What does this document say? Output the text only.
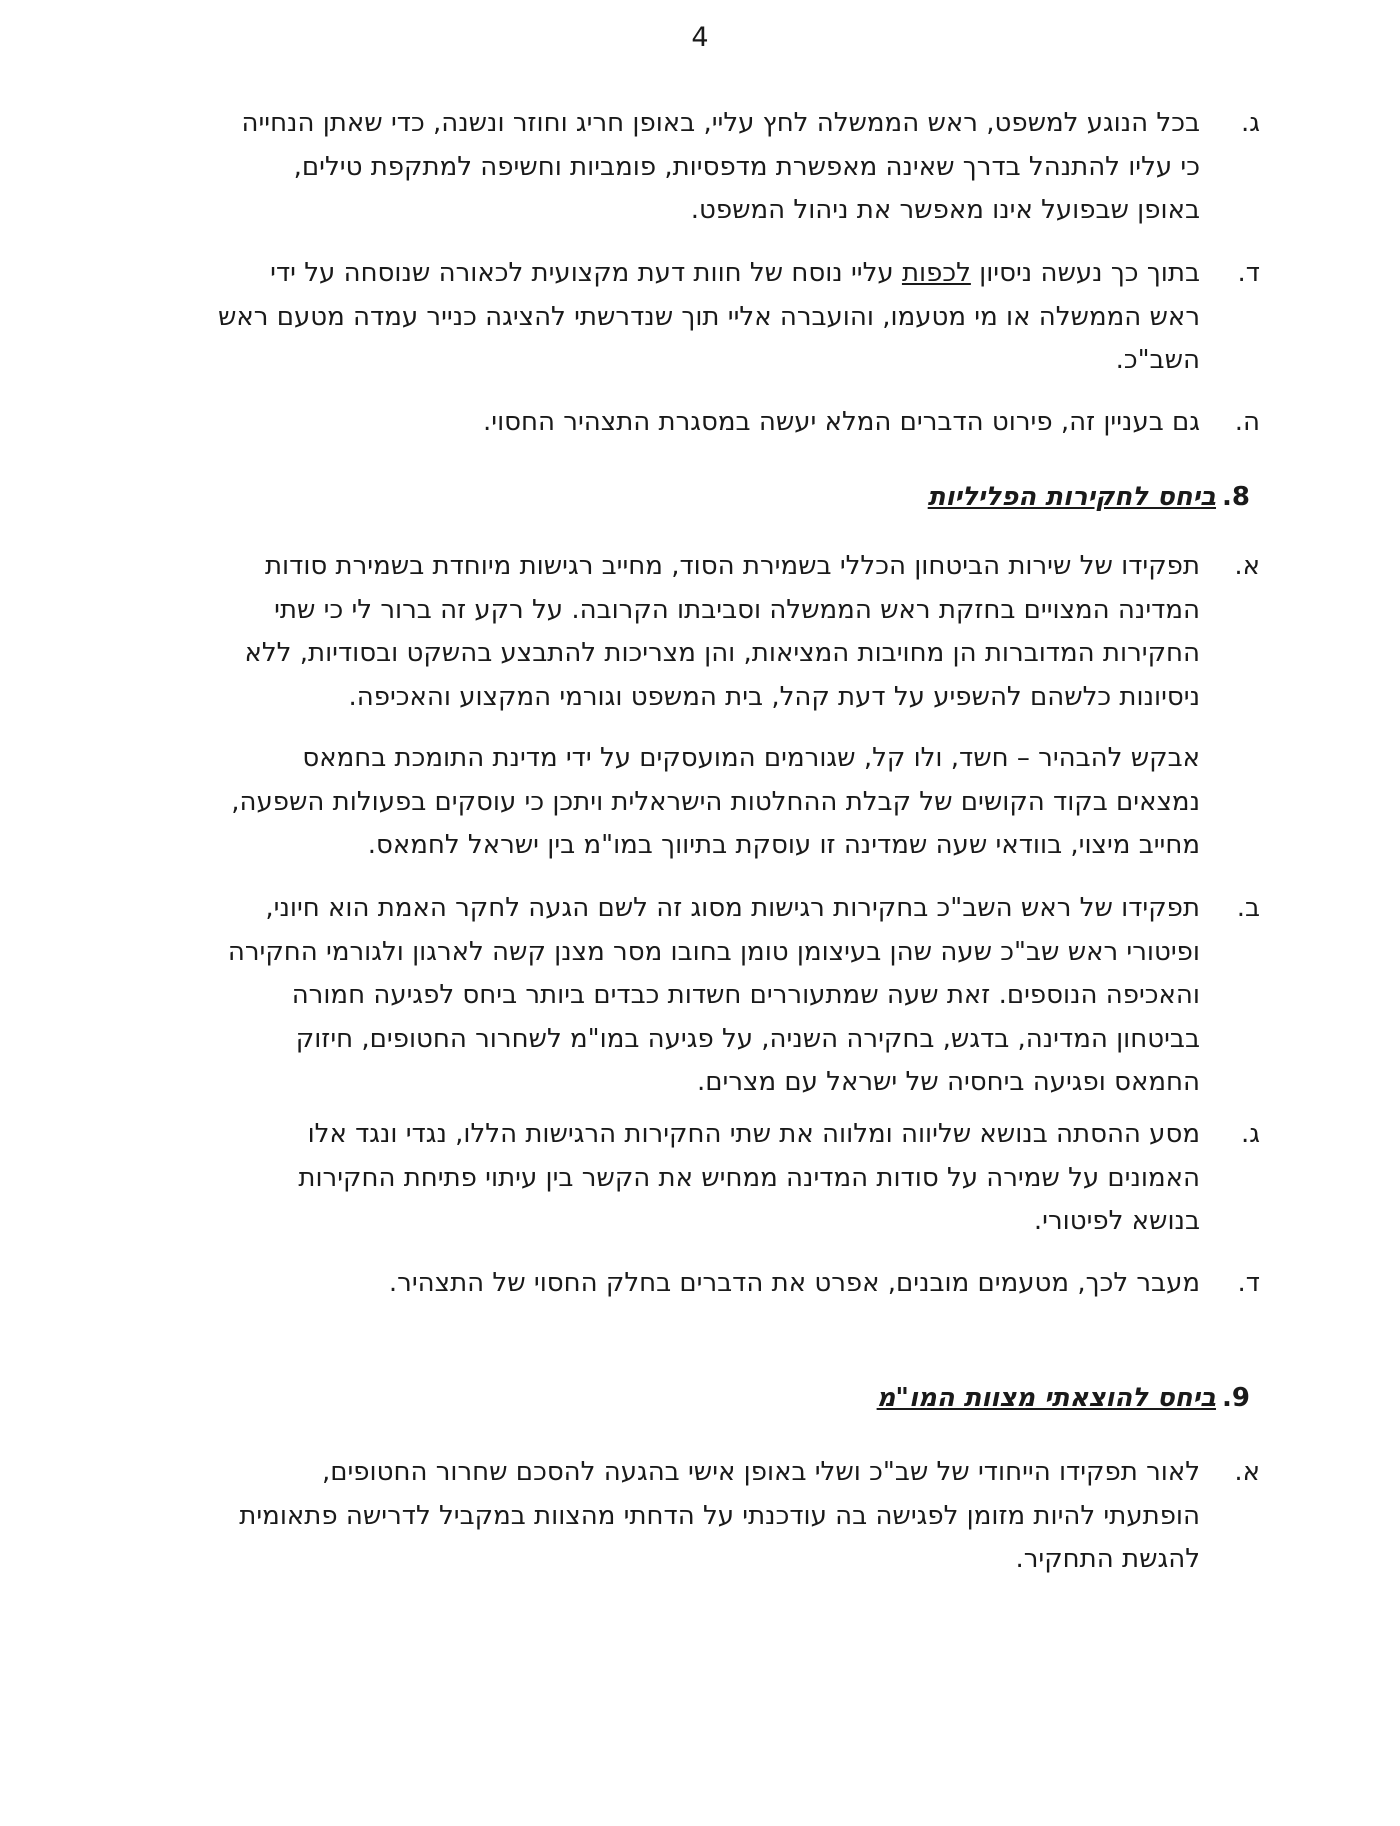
4
ג.
בכל הנוגע למשפט, ראש הממשלה לחץ עליי, באופן חריג וחוזר ונשנה, כדי שאתן הנחייה
כי עליו להתנהל בדרך שאינה מאפשרת מדפסיות, פומביות וחשיפה למתקפת טילים,
באופן שבפועל אינו מאפשר את ניהול המשפט.
ד.
בתוך כך נעשה ניסיון לכפות עליי נוסח של חוות דעת מקצועית לכאורה שנוסחה על ידי
ראש הממשלה או מי מטעמו, והועברה אליי תוך שנדרשתי להציגה כנייר עמדה מטעם ראש
השב"כ.
ה.
גם בעניין זה, פירוט הדברים המלא יעשה במסגרת התצהיר החסוי.
8.ביחס לחקירות הפליליות
א.
תפקידו של שירות הביטחון הכללי בשמירת הסוד, מחייב רגישות מיוחדת בשמירת סודות
המדינה המצויים בחזקת ראש הממשלה וסביבתו הקרובה. על רקע זה ברור לי כי שתי
החקירות המדוברות הן מחויבות המציאות, והן מצריכות להתבצע בהשקט ובסודיות, ללא
ניסיונות כלשהם להשפיע על דעת קהל, בית המשפט וגורמי המקצוע והאכיפה.
אבקש להבהיר – חשד, ולו קל, שגורמים המועסקים על ידי מדינת התומכת בחמאס
נמצאים בקוד הקושים של קבלת ההחלטות הישראלית ויתכן כי עוסקים בפעולות השפעה,
מחייב מיצוי, בוודאי שעה שמדינה זו עוסקת בתיווך במו"מ בין ישראל לחמאס.
ב.
תפקידו של ראש השב"כ בחקירות רגישות מסוג זה לשם הגעה לחקר האמת הוא חיוני,
ופיטורי ראש שב"כ שעה שהן בעיצומן טומן בחובו מסר מצנן קשה לארגון ולגורמי החקירה
והאכיפה הנוספים. זאת שעה שמתעוררים חשדות כבדים ביותר ביחס לפגיעה חמורה
בביטחון המדינה, בדגש, בחקירה השניה, על פגיעה במו"מ לשחרור החטופים, חיזוק
החמאס ופגיעה ביחסיה של ישראל עם מצרים.
ג.
מסע ההסתה בנושא שליווה ומלווה את שתי החקירות הרגישות הללו, נגדי ונגד אלו
האמונים על שמירה על סודות המדינה ממחיש את הקשר בין עיתוי פתיחת החקירות
בנושא לפיטורי.
ד.
מעבר לכך, מטעמים מובנים, אפרט את הדברים בחלק החסוי של התצהיר.
9.ביחס להוצאתי מצוות המו"מ
א.
לאור תפקידו הייחודי של שב"כ ושלי באופן אישי בהגעה להסכם שחרור החטופים,
הופתעתי להיות מזומן לפגישה בה עודכנתי על הדחתי מהצוות במקביל לדרישה פתאומית
להגשת התחקיר.
